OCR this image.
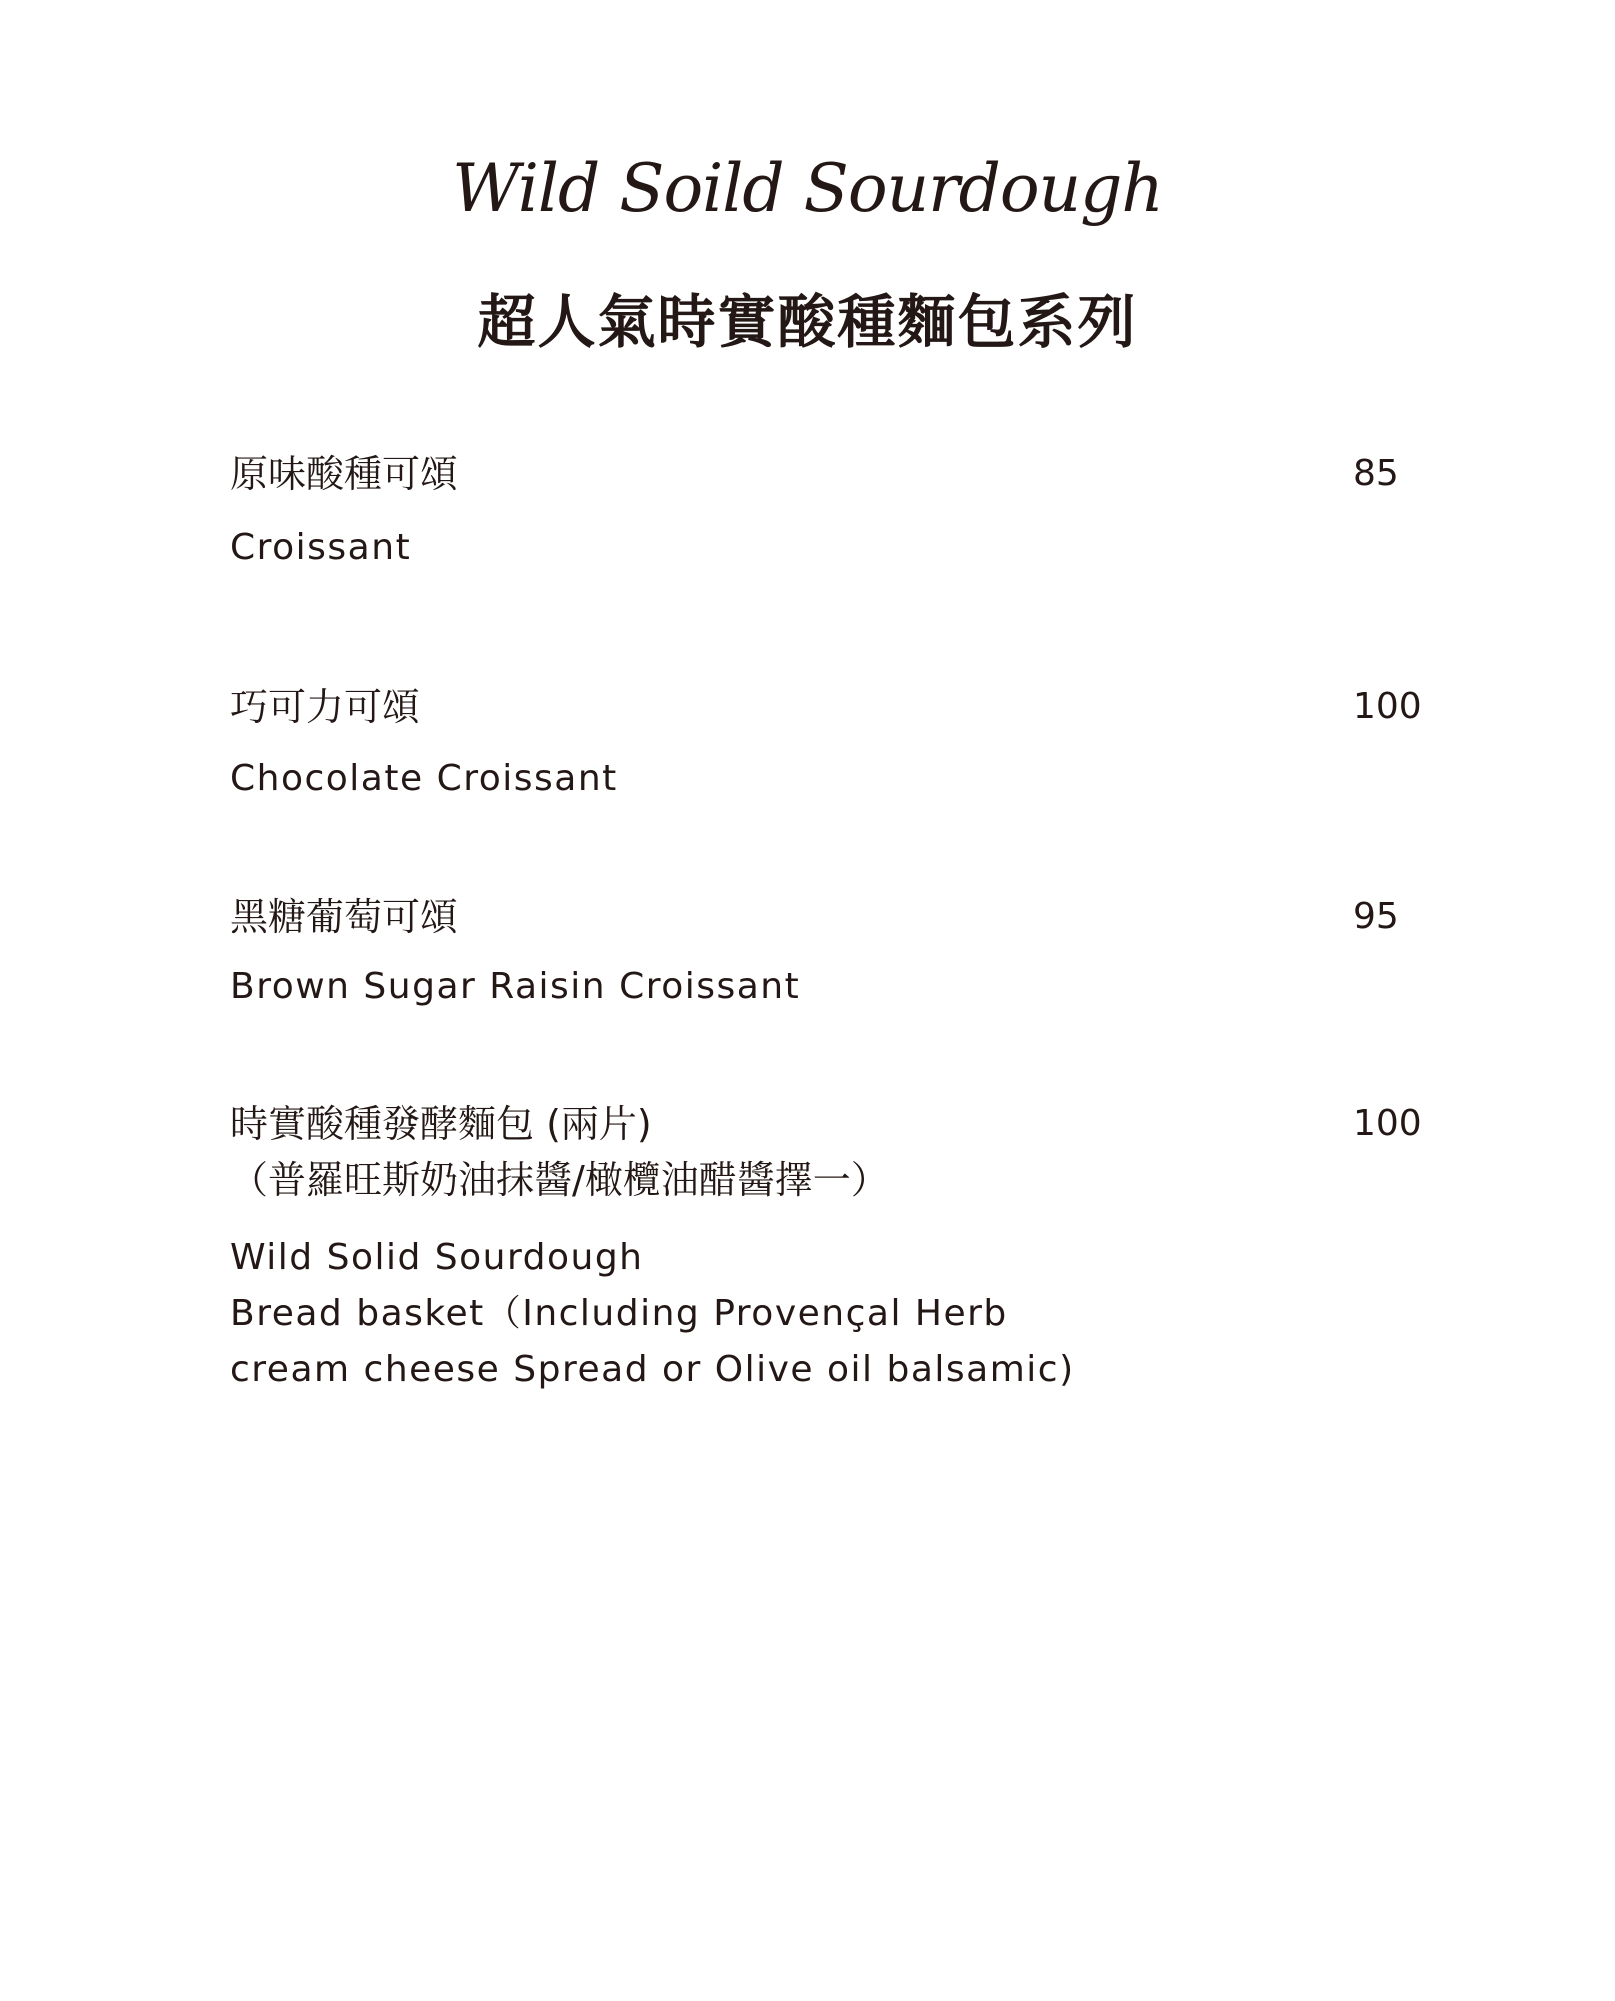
Wild Soild Sourdough
超人氣時實酸種麵包系列
原味酸種可頌
Croissant
85
巧可力可頌
Chocolate Croissant
100
黑糖葡萄可頌
Brown Sugar Raisin Croissant
95
時實酸種發酵麵包 (兩片)
（普羅旺斯奶油抹醬/橄欖油醋醬擇一）
Wild Solid Sourdough
Bread basket（Including Provençal Herb
cream cheese Spread or Olive oil balsamic)
100
